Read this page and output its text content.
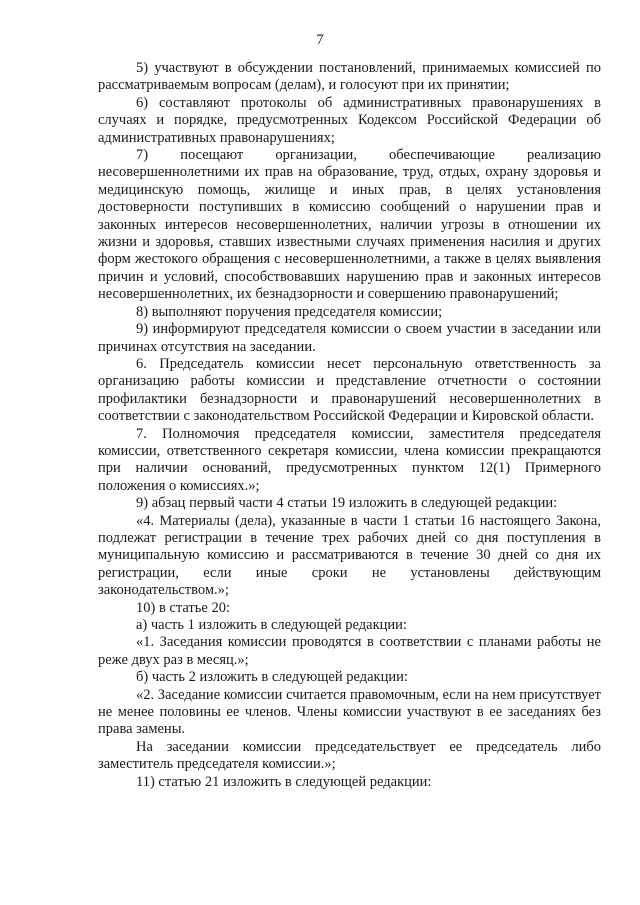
7

5) участвуют в обсуждении постановлений, принимаемых комиссией по рассматриваемым вопросам (делам), и голосуют при их принятии;

6) составляют протоколы об административных правонарушениях в случаях и порядке, предусмотренных Кодексом Российской Федерации об административных правонарушениях;

7) посещают организации, обеспечивающие реализацию несовершеннолетними их прав на образование, труд, отдых, охрану здоровья и медицинскую помощь, жилище и иных прав, в целях установления достоверности поступивших в комиссию сообщений о нарушении прав и законных интересов несовершеннолетних, наличии угрозы в отношении их жизни и здоровья, ставших известными случаях применения насилия и других форм жестокого обращения с несовершеннолетними, а также в целях выявления причин и условий, способствовавших нарушению прав и законных интересов несовершеннолетних, их безнадзорности и совершению правонарушений;

8) выполняют поручения председателя комиссии;

9) информируют председателя комиссии о своем участии в заседании или причинах отсутствия на заседании.

6. Председатель комиссии несет персональную ответственность за организацию работы комиссии и представление отчетности о состоянии профилактики безнадзорности и правонарушений несовершеннолетних в соответствии с законодательством Российской Федерации и Кировской области.

7. Полномочия председателя комиссии, заместителя председателя комиссии, ответственного секретаря комиссии, члена комиссии прекращаются при наличии оснований, предусмотренных пунктом 12(1) Примерного положения о комиссиях.»;

9) абзац первый части 4 статьи 19 изложить в следующей редакции:

«4. Материалы (дела), указанные в части 1 статьи 16 настоящего Закона, подлежат регистрации в течение трех рабочих дней со дня поступления в муниципальную комиссию и рассматриваются в течение 30 дней со дня их регистрации, если иные сроки не установлены действующим законодательством.»;

10) в статье 20:

а) часть 1 изложить в следующей редакции:

«1. Заседания комиссии проводятся в соответствии с планами работы не реже двух раз в месяц.»;

б) часть 2 изложить в следующей редакции:

«2. Заседание комиссии считается правомочным, если на нем присутствует не менее половины ее членов. Члены комиссии участвуют в ее заседаниях без права замены.

На заседании комиссии председательствует ее председатель либо заместитель председателя комиссии.»;

11) статью 21 изложить в следующей редакции:
